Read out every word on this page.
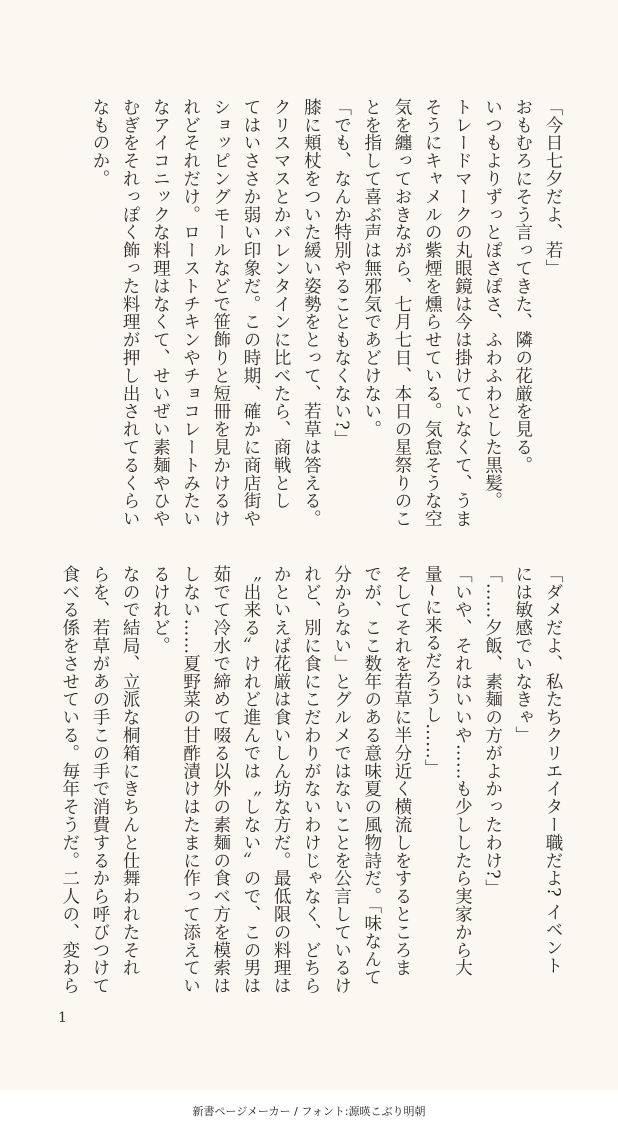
「今日七夕だよ、若」
おもむろにそう言ってきた、隣の花厳を見る。
いつもよりずっとぽさぽさ、ふわふわとした黒髪。
トレードマークの丸眼鏡は今は掛けていなくて、うま
そうにキャメルの紫煙を燻らせている。気怠そうな空
気を纏っておきながら、七月七日、本日の星祭りのこ
とを指して喜ぶ声は無邪気であどけない。
「でも、なんか特別やることもなくない?」
膝に頬杖をついた緩い姿勢をとって、若草は答える。
クリスマスとかバレンタインに比べたら、商戦とし
てはいささか弱い印象だ。この時期、確かに商店街や
ショッピングモールなどで笹飾りと短冊を見かけるけ
れどそれだけ。ローストチキンやチョコレートみたい
なアイコニックな料理はなくて、せいぜい素麺やひや
むぎをそれっぽく飾った料理が押し出されてるくらい
なものか。
「ダメだよ、私たちクリエイター職だよ? イベント
には敏感でいなきゃ」
「……夕飯、素麺の方がよかったわけ?」
「いや、それはいいや……も少ししたら実家から大
量~に来るだろうし……」
そしてそれを若草に半分近く横流しをするところま
でが、ここ数年のある意味夏の風物詩だ。「味なんて
分からない」とグルメではないことを公言しているけ
れど、別に食にこだわりがないわけじゃなく、どちら
かといえば花厳は食いしん坊な方だ。最低限の料理は
〝出来る〟けれど進んでは〝しない〟ので、この男は
茹でて冷水で締めて啜る以外の素麺の食べ方を模索は
しない……夏野菜の甘酢漬けはたまに作って添えてい
るけれど。
なので結局、立派な桐箱にきちんと仕舞われたそれ
らを、若草があの手この手で消費するから呼びつけて
食べる係をさせている。毎年そうだ。二人の、変わら
1
新書ページメーカー / フォント:源暎こぶり明朝
